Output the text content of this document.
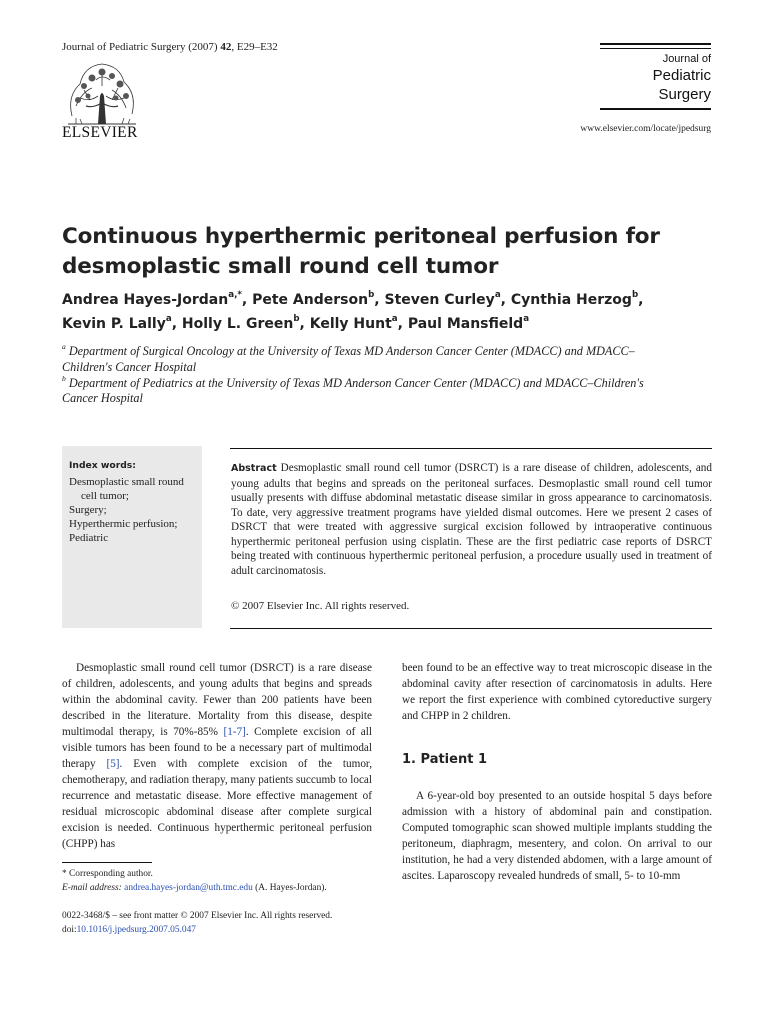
Journal of Pediatric Surgery (2007) 42, E29–E32
ELSEVIER
Journal of
Pediatric
Surgery
www.elsevier.com/locate/jpedsurg
Continuous hyperthermic peritoneal perfusion for
desmoplastic small round cell tumor
Andrea Hayes-Jordan$^{a,*}$, Pete Anderson$^b$, Steven Curley$^a$, Cynthia Herzog$^b$,
Kevin P. Lally$^a$, Holly L. Green$^b$, Kelly Hunt$^a$, Paul Mansfield$^a$
$^a$ Department of Surgical Oncology at the University of Texas MD Anderson Cancer Center (MDACC) and MDACC–Children's Cancer Hospital
$^b$ Department of Pediatrics at the University of Texas MD Anderson Cancer Center (MDACC) and MDACC–Children's Cancer Hospital
Index words:
Desmoplastic small round cell tumor;
Surgery;
Hyperthermic perfusion;
Pediatric
Abstract Desmoplastic small round cell tumor (DSRCT) is a rare disease of children, adolescents, and young adults that begins and spreads on the peritoneal surfaces. Desmoplastic small round cell tumor usually presents with diffuse abdominal metastatic disease similar in gross appearance to carcinomatosis. To date, very aggressive treatment programs have yielded dismal outcomes. Here we present 2 cases of DSRCT that were treated with aggressive surgical excision followed by intraoperative continuous hyperthermic peritoneal perfusion using cisplatin. These are the first pediatric case reports of DSRCT being treated with continuous hyperthermic peritoneal perfusion, a procedure usually used in treatment of adult carcinomatosis.
© 2007 Elsevier Inc. All rights reserved.
Desmoplastic small round cell tumor (DSRCT) is a rare disease of children, adolescents, and young adults that begins and spreads within the abdominal cavity. Fewer than 200 patients have been described in the literature. Mortality from this disease, despite multimodal therapy, is 70%-85% [1-7]. Complete excision of all visible tumors has been found to be a necessary part of multimodal therapy [5]. Even with complete excision of the tumor, chemotherapy, and radiation therapy, many patients succumb to local recurrence and metastatic disease. More effective management of residual microscopic abdominal disease after complete surgical excision is needed. Continuous hyperthermic peritoneal perfusion (CHPP) has
been found to be an effective way to treat microscopic disease in the abdominal cavity after resection of carcinomatosis in adults. Here we report the first experience with combined cytoreductive surgery and CHPP in 2 children.
1. Patient 1
A 6-year-old boy presented to an outside hospital 5 days before admission with a history of abdominal pain and constipation. Computed tomographic scan showed multiple implants studding the peritoneum, diaphragm, mesentery, and colon. On arrival to our institution, he had a very distended abdomen, with a large amount of ascites. Laparoscopy revealed hundreds of small, 5- to 10-mm
* Corresponding author.
E-mail address: andrea.hayes-jordan@uth.tmc.edu (A. Hayes-Jordan).
0022-3468/$ – see front matter © 2007 Elsevier Inc. All rights reserved.
doi:10.1016/j.jpedsurg.2007.05.047
